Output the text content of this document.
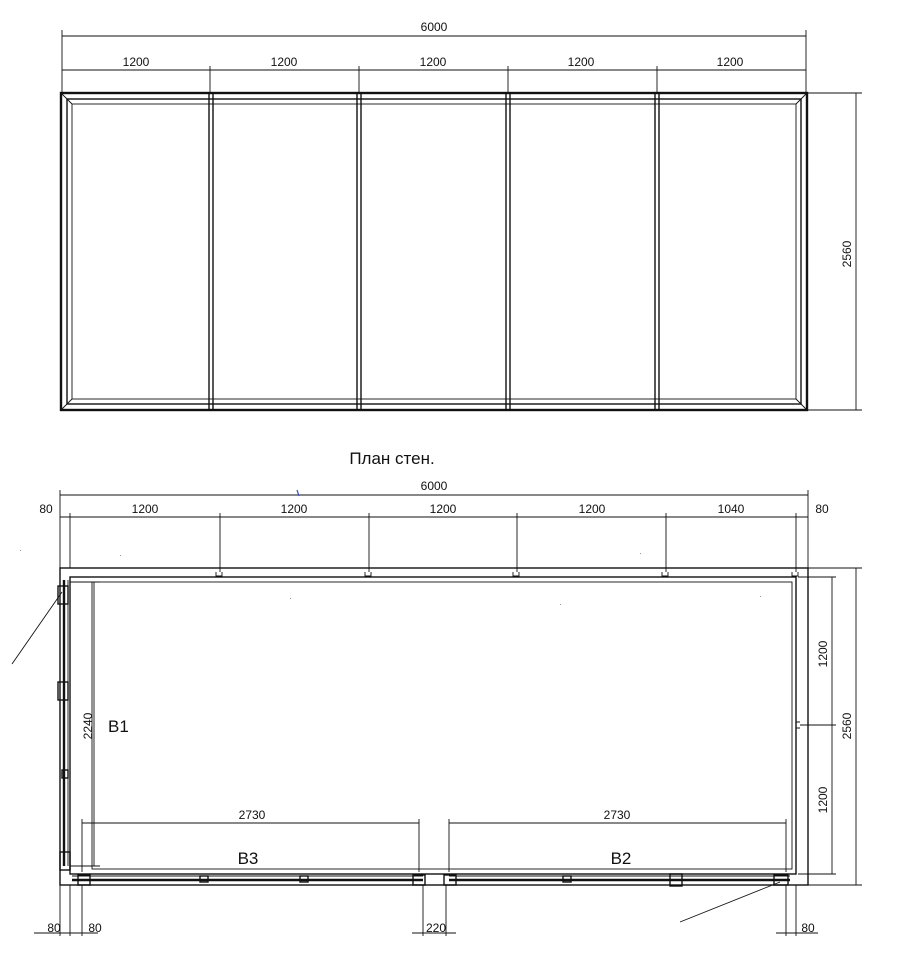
6000
1200	1200	1200	1200	1200
2560
План стен.
6000
80	1200	1200	1200	1200	1040	80
2240 B1
2730
B3
2730
B2
1200
1200
2560
80 80	220	80
